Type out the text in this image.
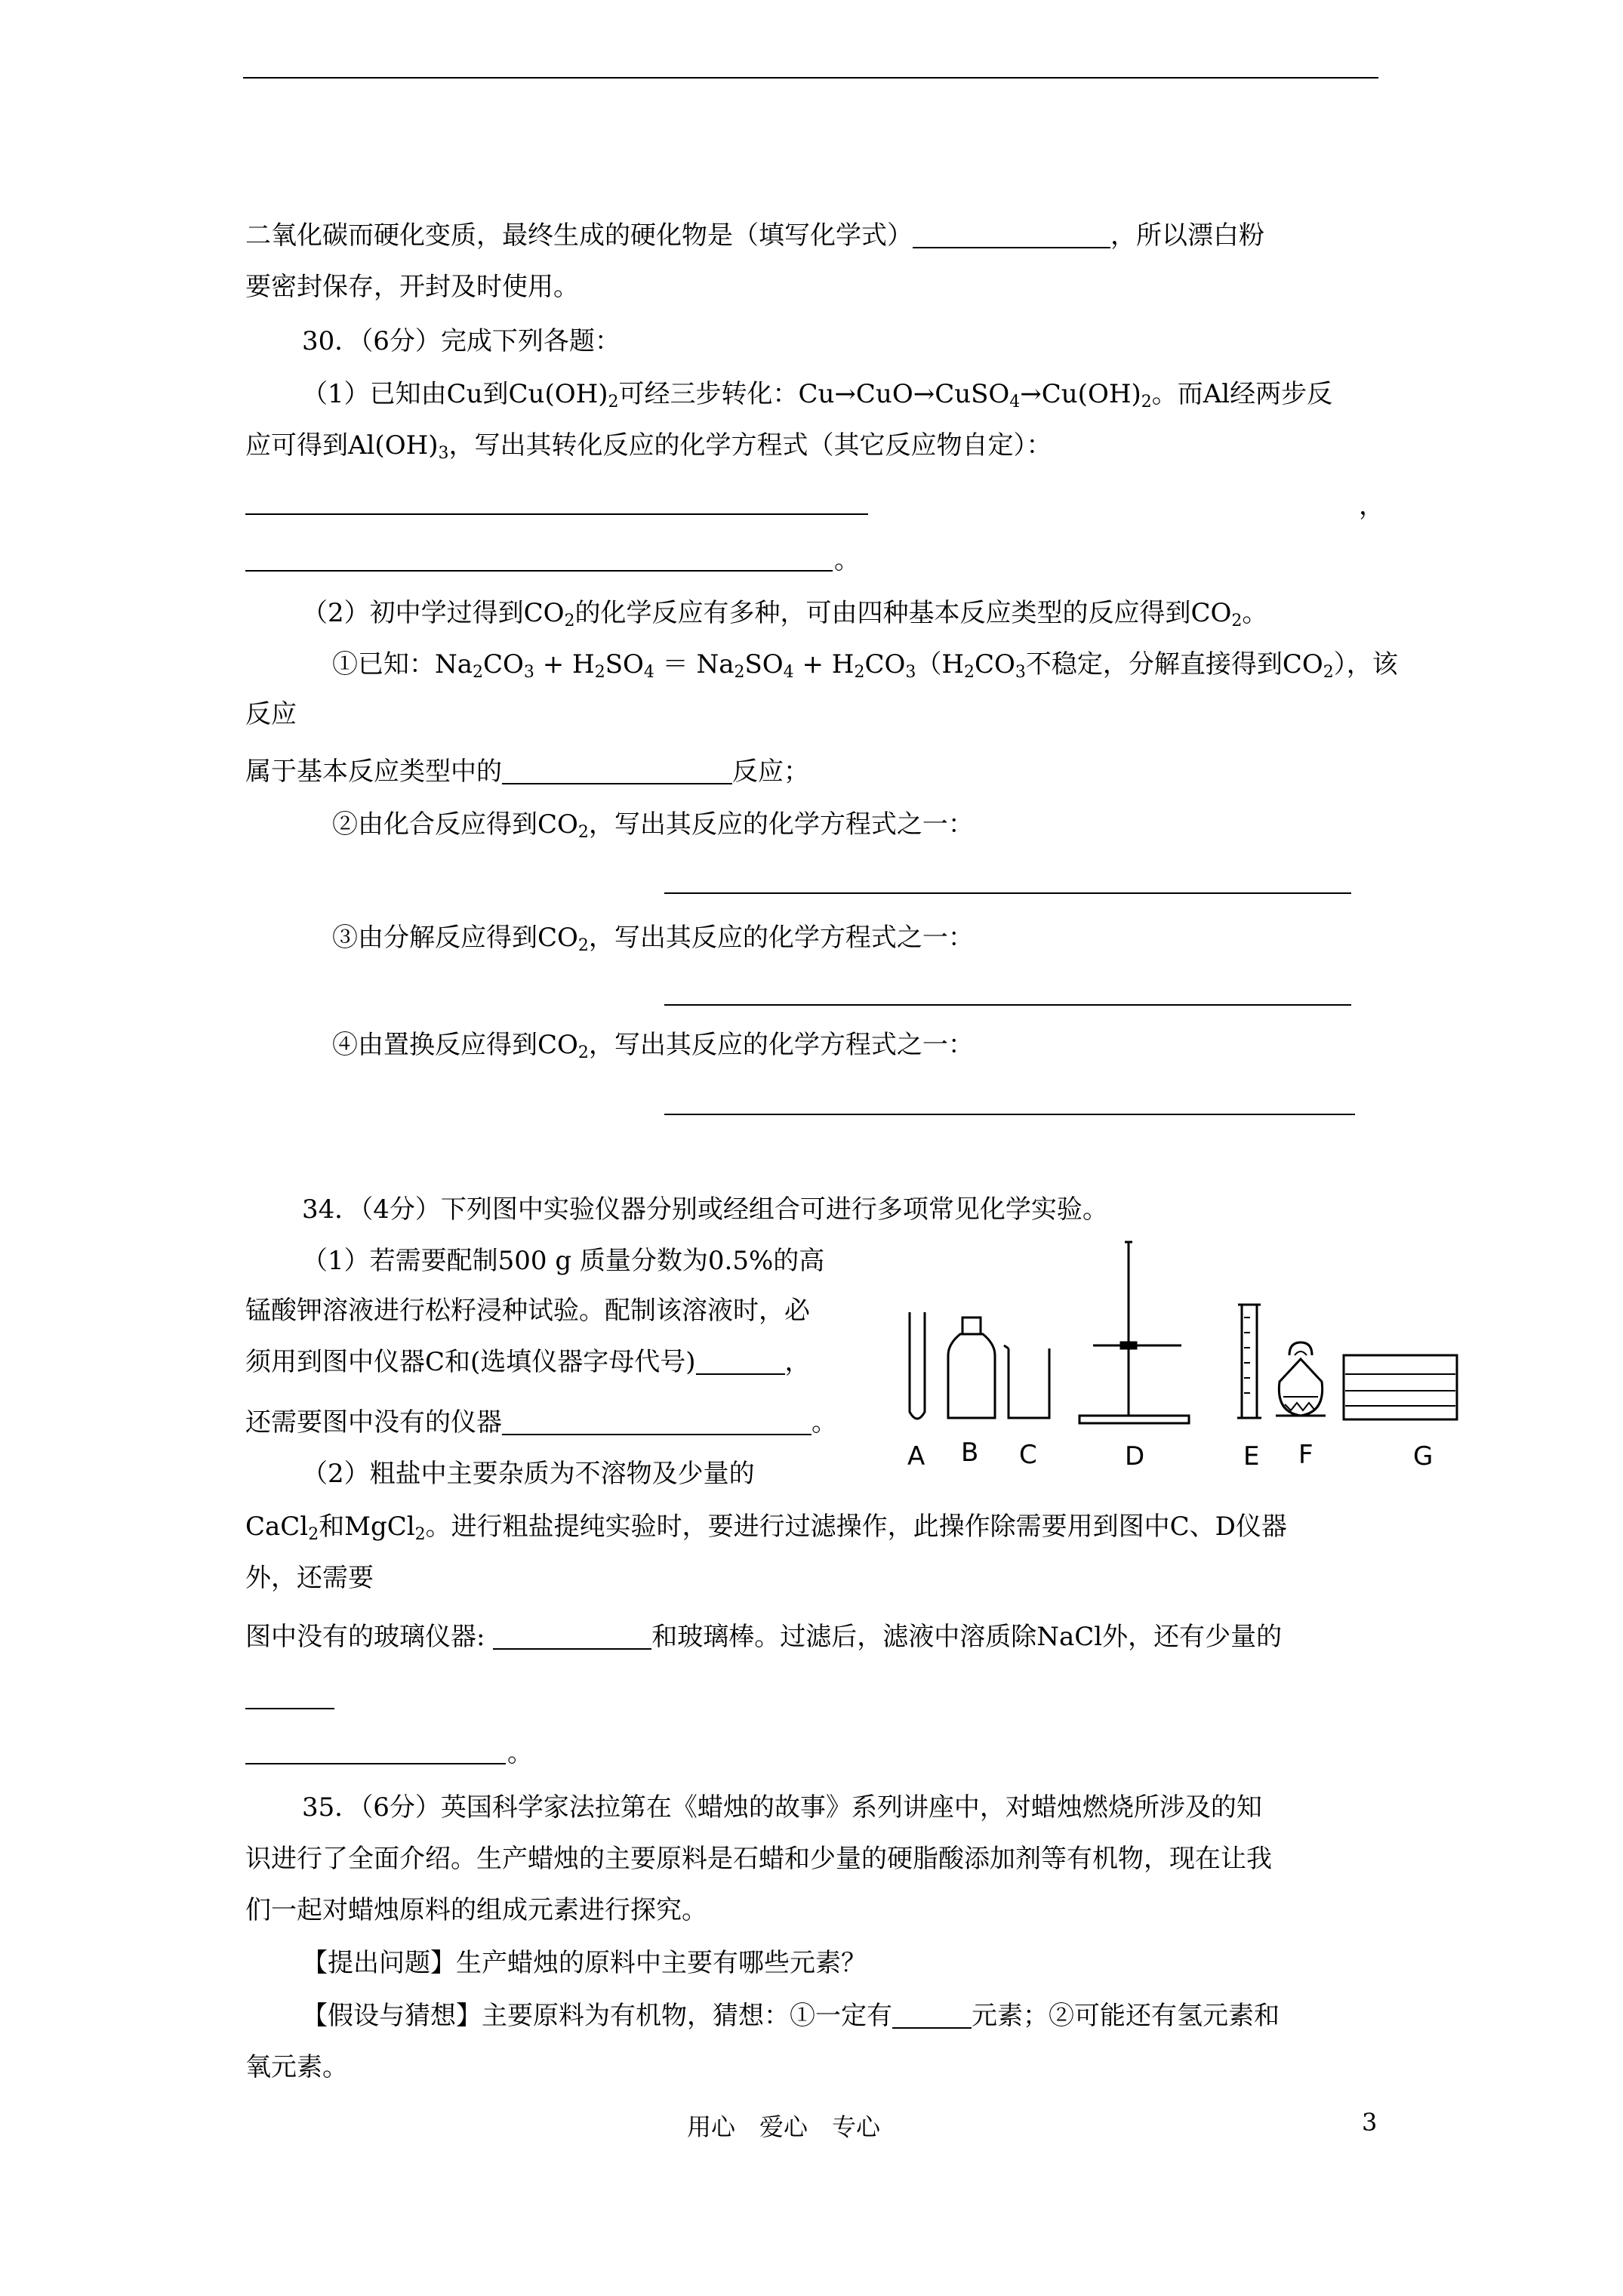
二氧化碳而硬化变质，最终生成的硬化物是（填写化学式）	，所以漂白粉
要密封保存，开封及时使用。
30．（6分）完成下列各题：
（1）已知由Cu到$Cu(OH)_2$可经三步转化：$Cu\to CuO\to CuSO_4\to Cu(OH)_2$。而Al经两步反
应可得到$Al(OH)_3$，写出其转化反应的化学方程式（其它反应物自定）：
，
。
（2）初中学过得到$CO_2$的化学反应有多种，可由四种基本反应类型的反应得到$CO_2$。
①已知：$Na_2CO_3 + H_2SO_4 = Na_2SO_4 + H_2CO_3(H_2CO_3$不稳定，分解直接得到$CO_2$），该
反应
属于基本反应类型中的	反应；
②由化合反应得到$CO_2$，写出其反应的化学方程式之一：
③由分解反应得到$CO_2$，写出其反应的化学方程式之一：
④由置换反应得到$CO_2$，写出其反应的化学方程式之一：
34．（4分）下列图中实验仪器分别或经组合可进行多项常见化学实验。
（1）若需要配制500 g 质量分数为0.5%的高
锰酸钾溶液进行松籽浸种试验。配制该溶液时，必
须用到图中仪器C和(选填仪器字母代号)	，
还需要图中没有的仪器	。
A B C	D	E F	G
（2）粗盐中主要杂质为不溶物及少量的
CaCl$_2$和MgCl$_2$。进行粗盐提纯实验时，要进行过滤操作，此操作除需要用到图中C、D仪器
外，还需要
图中没有的玻璃仪器:	和玻璃棒。过滤后，滤液中溶质除NaCl外，还有少量的
。
35．（6分）英国科学家法拉第在《蜡烛的故事》系列讲座中，对蜡烛燃烧所涉及的知
识进行了全面介绍。生产蜡烛的主要原料是石蜡和少量的硬脂酸添加剂等有机物，现在让我
们一起对蜡烛原料的组成元素进行探究。
【提出问题】生产蜡烛的原料中主要有哪些元素？
【假设与猜想】主要原料为有机物，猜想：①一定有	元素；②可能还有氢元素和
氧元素。
用心　爱心　专心	3
